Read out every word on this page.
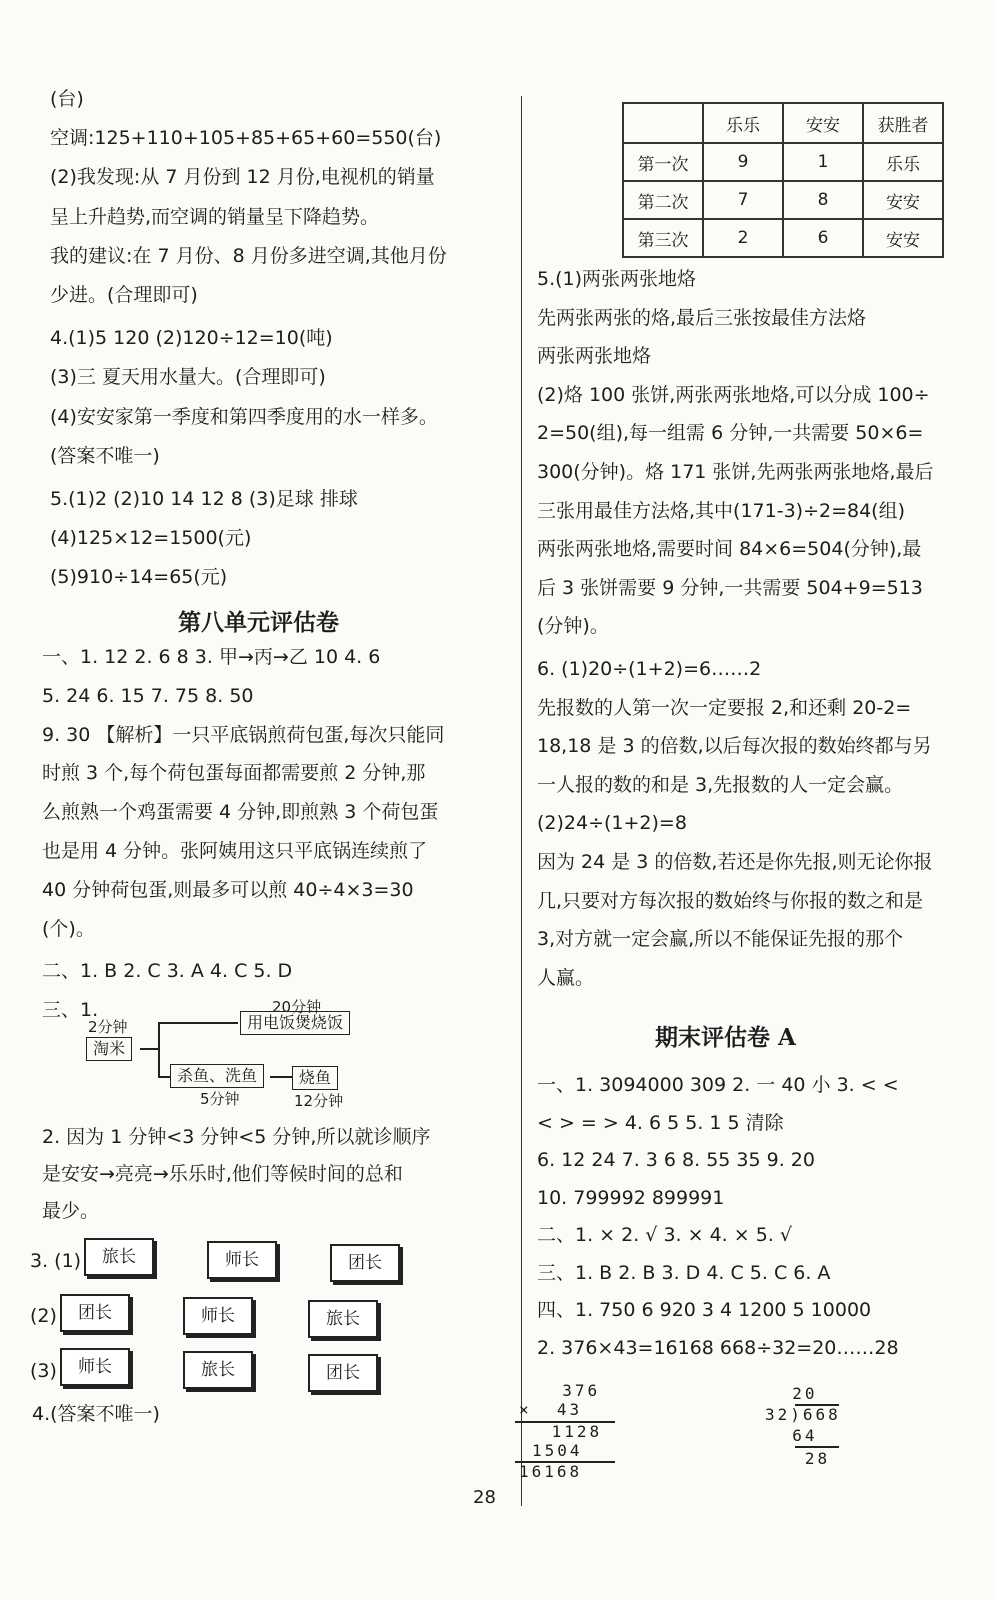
(台)
空调:125+110+105+85+65+60=550(台)
(2)我发现:从 7 月份到 12 月份,电视机的销量
呈上升趋势,而空调的销量呈下降趋势。
我的建议:在 7 月份、8 月份多进空调,其他月份
少进。(合理即可)
4.(1)5 120 (2)120÷12=10(吨)
(3)三 夏天用水量大。(合理即可)
(4)安安家第一季度和第四季度用的水一样多。
(答案不唯一)
5.(1)2 (2)10 14 12 8 (3)足球 排球
(4)125×12=1500(元)
(5)910÷14=65(元)
第八单元评估卷
一、1. 12 2. 6 8 3. 甲→丙→乙 10 4. 6
5. 24 6. 15 7. 75 8. 50
9. 30 【解析】一只平底锅煎荷包蛋,每次只能同
时煎 3 个,每个荷包蛋每面都需要煎 2 分钟,那
么煎熟一个鸡蛋需要 4 分钟,即煎熟 3 个荷包蛋
也是用 4 分钟。张阿姨用这只平底锅连续煎了
40 分钟荷包蛋,则最多可以煎 40÷4×3=30
(个)。
二、1. B 2. C 3. A 4. C 5. D
三、1.
2分钟
淘米
20分钟
用电饭煲烧饭
杀鱼、洗鱼	烧鱼
5分钟	12分钟
2. 因为 1 分钟<3 分钟<5 分钟,所以就诊顺序
是安安→亮亮→乐乐时,他们等候时间的总和
最少。
3. (1)	旅长	师长	团长
(2)	团长	师长	旅长
(3)	师长	旅长	团长
4.(答案不唯一)
	乐乐	安安	获胜者
第一次	9	1	乐乐
第二次	7	8	安安
第三次	2	6	安安
5.(1)两张两张地烙
先两张两张的烙,最后三张按最佳方法烙
两张两张地烙
(2)烙 100 张饼,两张两张地烙,可以分成 100÷
2=50(组),每一组需 6 分钟,一共需要 50×6=
300(分钟)。烙 171 张饼,先两张两张地烙,最后
三张用最佳方法烙,其中(171-3)÷2=84(组)
两张两张地烙,需要时间 84×6=504(分钟),最
后 3 张饼需要 9 分钟,一共需要 504+9=513
(分钟)。
6. (1)20÷(1+2)=6……2
先报数的人第一次一定要报 2,和还剩 20-2=
18,18 是 3 的倍数,以后每次报的数始终都与另
一人报的数的和是 3,先报数的人一定会赢。
(2)24÷(1+2)=8
因为 24 是 3 的倍数,若还是你先报,则无论你报
几,只要对方每次报的数始终与你报的数之和是
3,对方就一定会赢,所以不能保证先报的那个
人赢。
期末评估卷 A
一、1. 3094000 309 2. 一 40 小 3. < <
< > = > 4. 6 5 5. 1 5 清除
6. 12 24 7. 3 6 8. 55 35 9. 20
10. 799992 899991
二、1. × 2. √ 3. × 4. × 5. √
三、1. B 2. B 3. D 4. C 5. C 6. A
四、1. 750 6 920 3 4 1200 5 10000
2. 376×43=16168 668÷32=20……28
376
×  43
1128
1504
16168
20
32)668
64
28
28
